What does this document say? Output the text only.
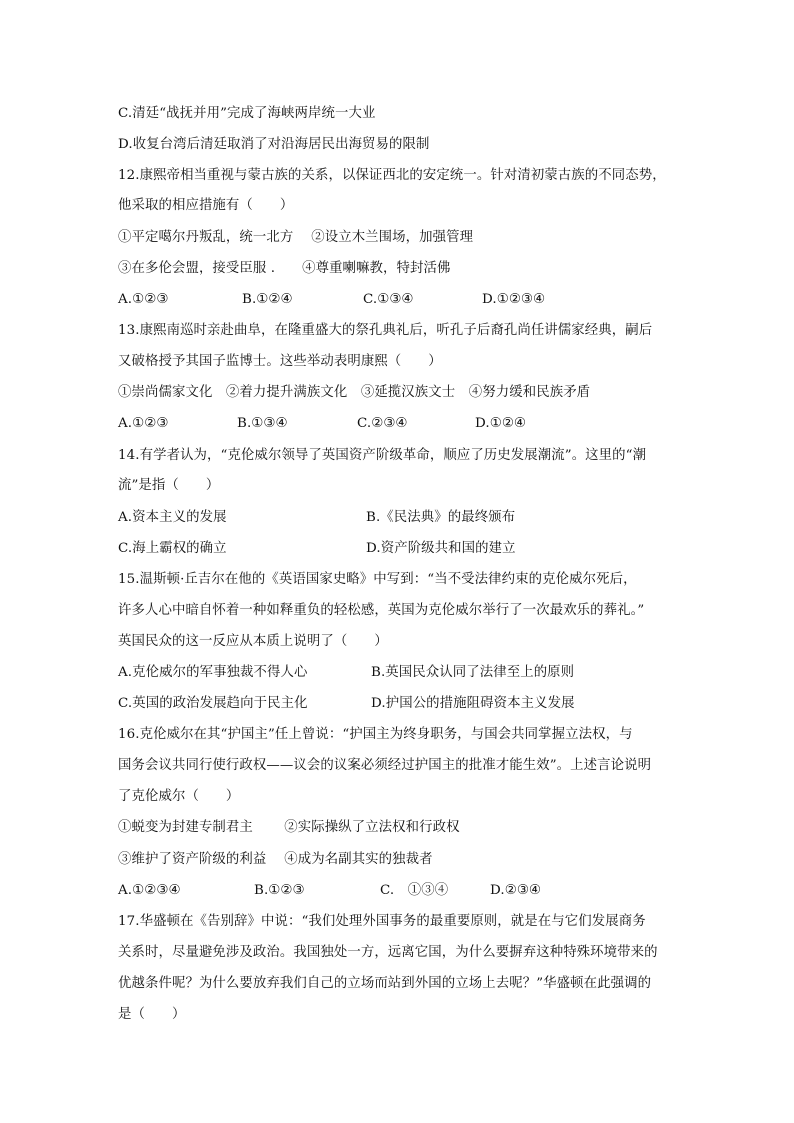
C.清廷“战抚并用”完成了海峡两岸统一大业
D.收复台湾后清廷取消了对沿海居民出海贸易的限制
12.康熙帝相当重视与蒙古族的关系，以保证西北的安定统一。针对清初蒙古族的不同态势，
他采取的相应措施有（　　）
①平定噶尔丹叛乱，统一北方　 ②设立木兰围场，加强管理
③在多伦会盟，接受臣服 .　　④尊重喇嘛教，特封活佛
A.①②③	B.①②④	C.①③④	D.①②③④
13.康熙南巡时亲赴曲阜，在隆重盛大的祭孔典礼后，听孔子后裔孔尚任讲儒家经典，嗣后
又破格授予其国子监博士。这些举动表明康熙（　　）
①崇尚儒家文化　②着力提升满族文化　③延揽汉族文士　④努力缓和民族矛盾
A.①②③	B.①③④	C.②③④	D.①②④
14.有学者认为，“克伦威尔领导了英国资产阶级革命，顺应了历史发展潮流”。这里的“潮
流”是指（　　）
A.资本主义的发展	B.《民法典》的最终颁布
C.海上霸权的确立	D.资产阶级共和国的建立
15.温斯顿·丘吉尔在他的《英语国家史略》中写到：“当不受法律约束的克伦威尔死后，
许多人心中暗自怀着一种如释重负的轻松感，英国为克伦威尔举行了一次最欢乐的葬礼。”
英国民众的这一反应从本质上说明了（　　）
A.克伦威尔的军事独裁不得人心	B.英国民众认同了法律至上的原则
C.英国的政治发展趋向于民主化	D.护国公的措施阻碍资本主义发展
16.克伦威尔在其“护国主”任上曾说：“护国主为终身职务，与国会共同掌握立法权，与
国务会议共同行使行政权——议会的议案必须经过护国主的批准才能生效”。上述言论说明
了克伦威尔（　　）
①蜕变为封建专制君主　　 ②实际操纵了立法权和行政权
③维护了资产阶级的利益　 ④成为名副其实的独裁者
A.①②③④	B.①②③	C.　①③④	D.②③④
17.华盛顿在《告别辞》中说：“我们处理外国事务的最重要原则，就是在与它们发展商务
关系时，尽量避免涉及政治。我国独处一方，远离它国，为什么要摒弃这种特殊环境带来的
优越条件呢？为什么要放弃我们自己的立场而站到外国的立场上去呢？”华盛顿在此强调的
是（　　）
